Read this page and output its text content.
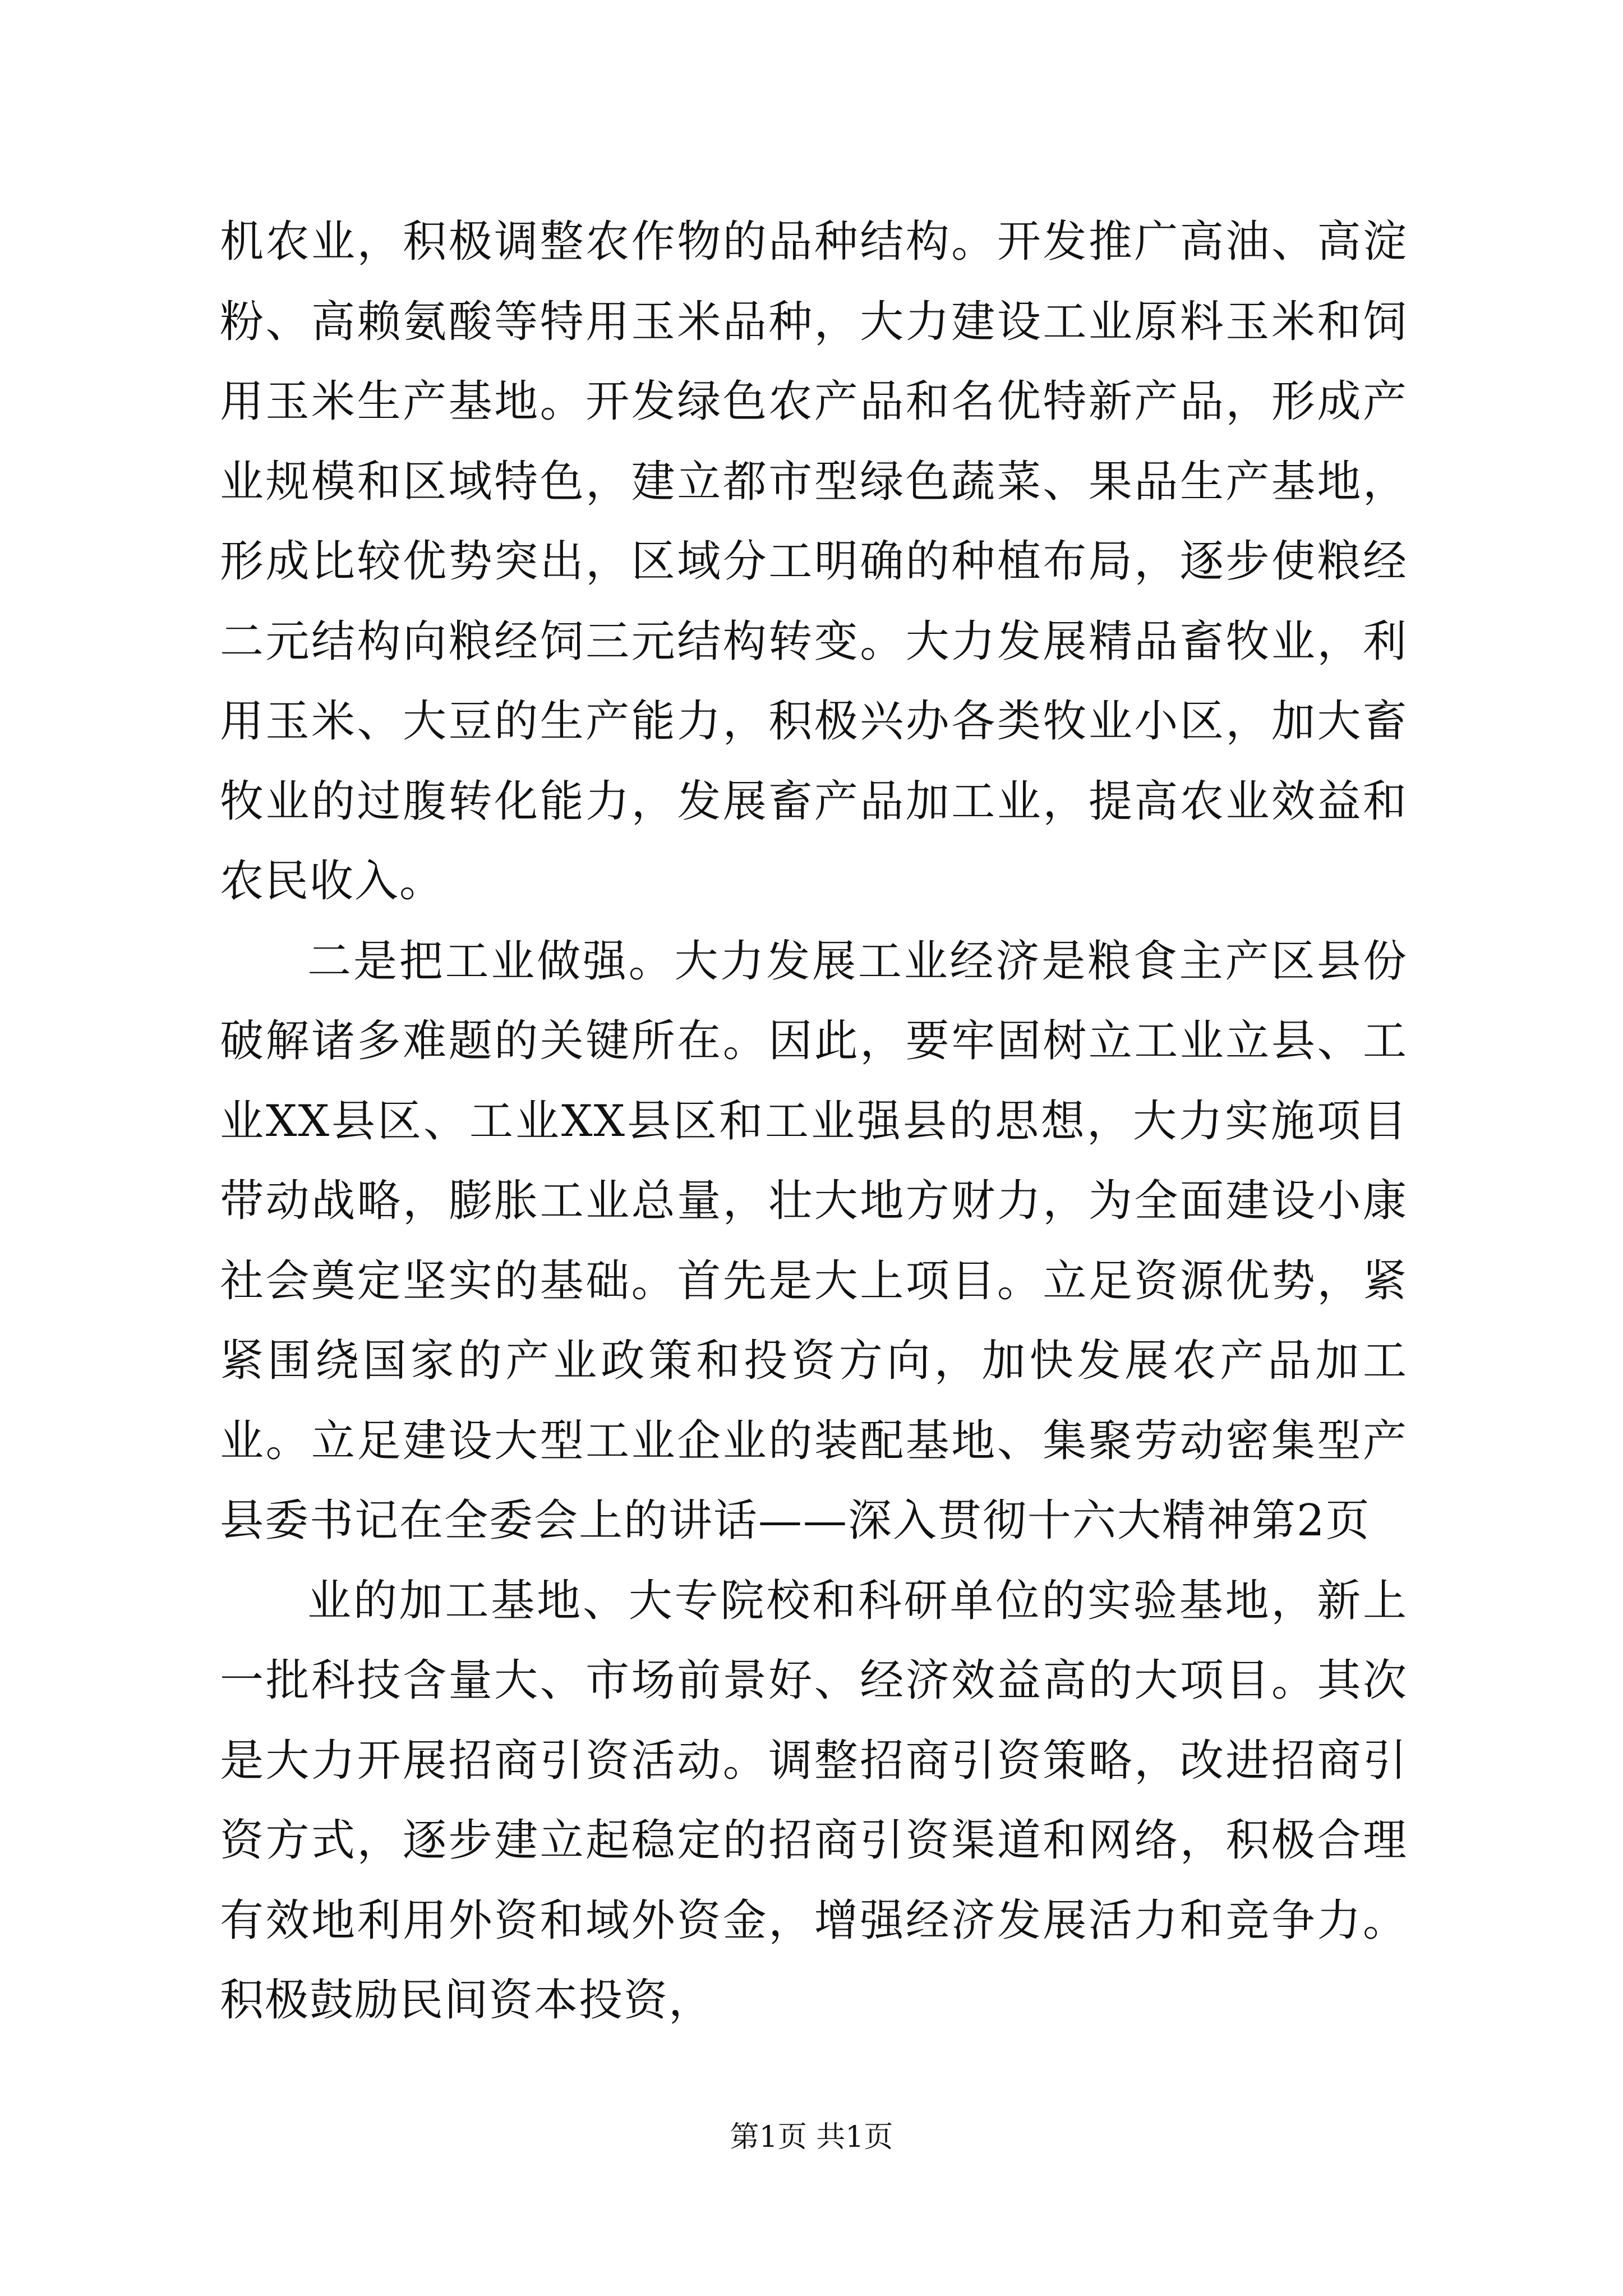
机农业，积极调整农作物的品种结构。开发推广高油、高淀粉、高赖氨酸等特用玉米品种，大力建设工业原料玉米和饲用玉米生产基地。开发绿色农产品和名优特新产品，形成产业规模和区域特色，建立都市型绿色蔬菜、果品生产基地，形成比较优势突出，区域分工明确的种植布局，逐步使粮经二元结构向粮经饲三元结构转变。大力发展精品畜牧业，利用玉米、大豆的生产能力，积极兴办各类牧业小区，加大畜牧业的过腹转化能力，发展畜产品加工业，提高农业效益和农民收入。

二是把工业做强。大力发展工业经济是粮食主产区县份破解诸多难题的关键所在。因此，要牢固树立工业立县、工业XX县区、工业XX县区和工业强县的思想，大力实施项目带动战略，膨胀工业总量，壮大地方财力，为全面建设小康社会奠定坚实的基础。首先是大上项目。立足资源优势，紧紧围绕国家的产业政策和投资方向，加快发展农产品加工业。立足建设大型工业企业的装配基地、集聚劳动密集型产县委书记在全委会上的讲话——深入贯彻十六大精神第2页

业的加工基地、大专院校和科研单位的实验基地，新上一批科技含量大、市场前景好、经济效益高的大项目。其次是大力开展招商引资活动。调整招商引资策略，改进招商引资方式，逐步建立起稳定的招商引资渠道和网络，积极合理有效地利用外资和域外资金，增强经济发展活力和竞争力。积极鼓励民间资本投资，

第1页 共1页
